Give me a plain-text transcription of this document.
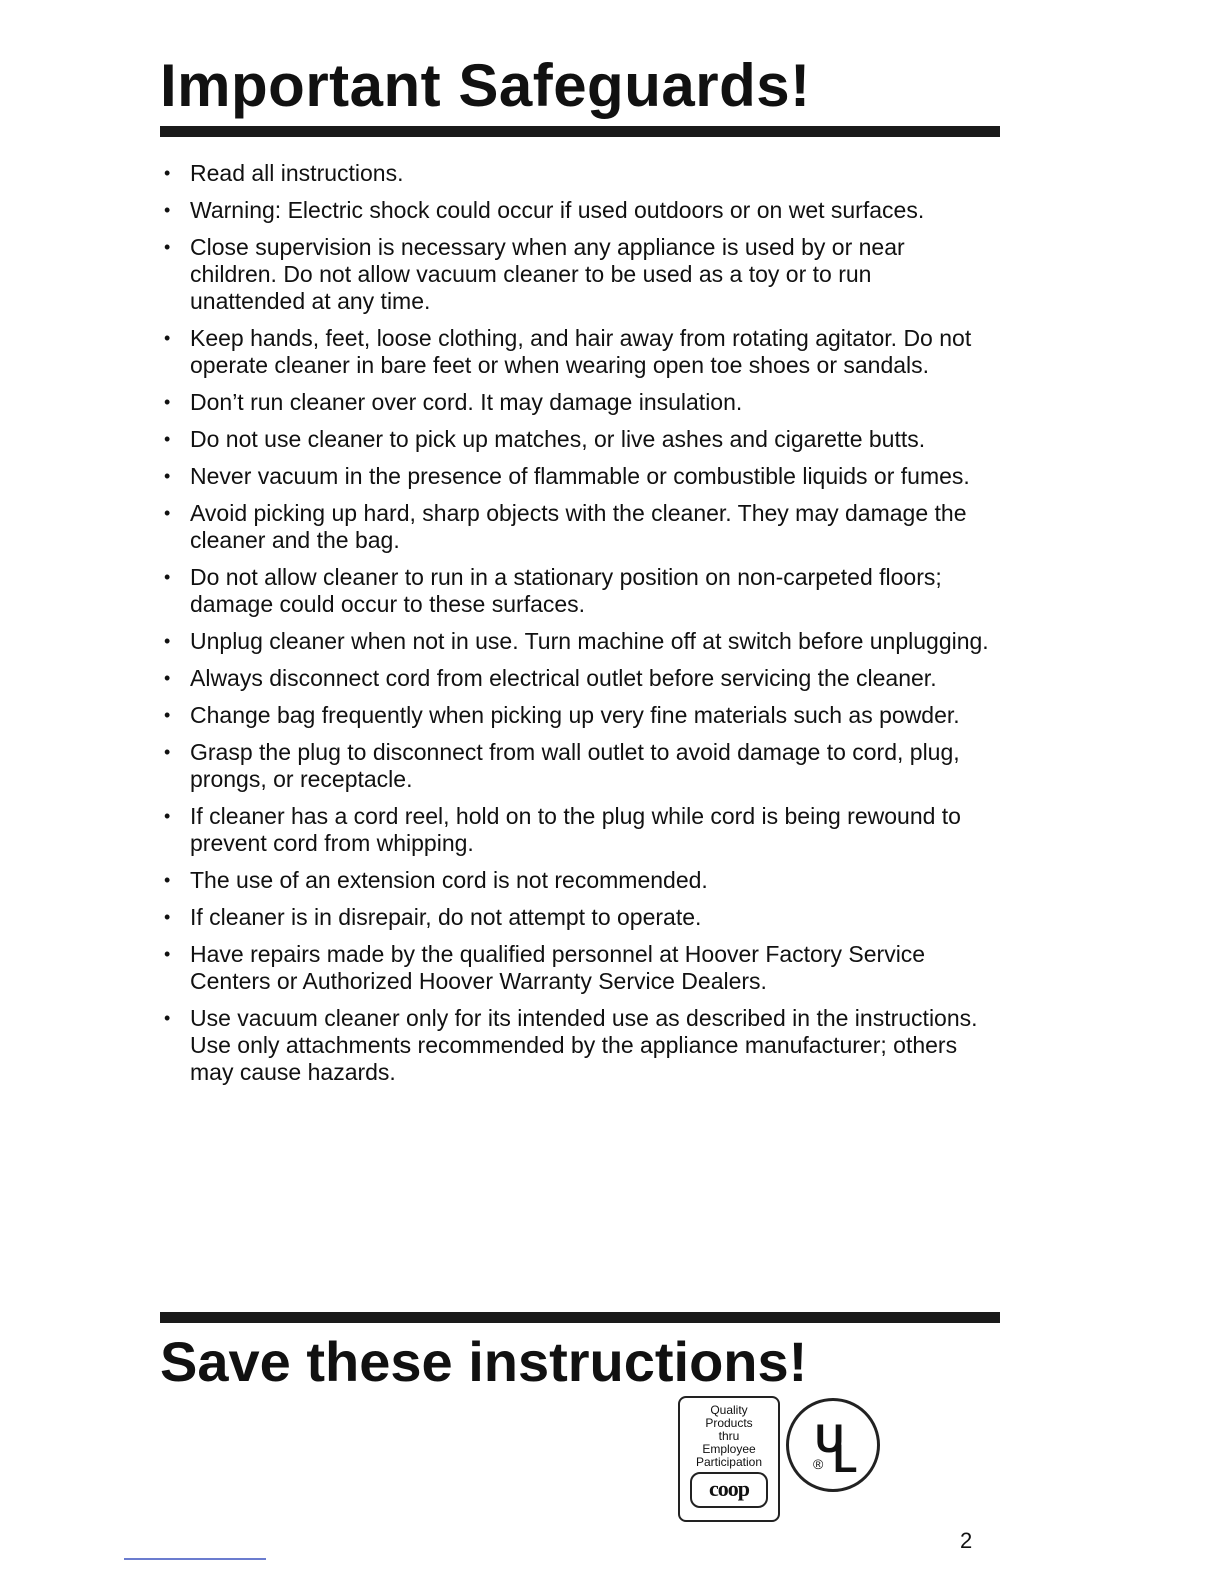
Important Safeguards!
• Read all instructions.
• Warning: Electric shock could occur if used outdoors or on wet surfaces.
• Close supervision is necessary when any appliance is used by or near children. Do not allow vacuum cleaner to be used as a toy or to run unattended at any time.
• Keep hands, feet, loose clothing, and hair away from rotating agitator. Do not operate cleaner in bare feet or when wearing open toe shoes or sandals.
• Don’t run cleaner over cord. It may damage insulation.
• Do not use cleaner to pick up matches, or live ashes and cigarette butts.
• Never vacuum in the presence of flammable or combustible liquids or fumes.
• Avoid picking up hard, sharp objects with the cleaner. They may damage the cleaner and the bag.
• Do not allow cleaner to run in a stationary position on non-carpeted floors; damage could occur to these surfaces.
• Unplug cleaner when not in use. Turn machine off at switch before unplugging.
• Always disconnect cord from electrical outlet before servicing the cleaner.
• Change bag frequently when picking up very fine materials such as powder.
• Grasp the plug to disconnect from wall outlet to avoid damage to cord, plug, prongs, or receptacle.
• If cleaner has a cord reel, hold on to the plug while cord is being rewound to prevent cord from whipping.
• The use of an extension cord is not recommended.
• If cleaner is in disrepair, do not attempt to operate.
• Have repairs made by the qualified personnel at Hoover Factory Service Centers or Authorized Hoover Warranty Service Dealers.
• Use vacuum cleaner only for its intended use as described in the instructions. Use only attachments recommended by the appliance manufacturer; others may cause hazards.
Save these instructions!
Quality
Products
thru
Employee
Participation
coop
U
L
®
2
